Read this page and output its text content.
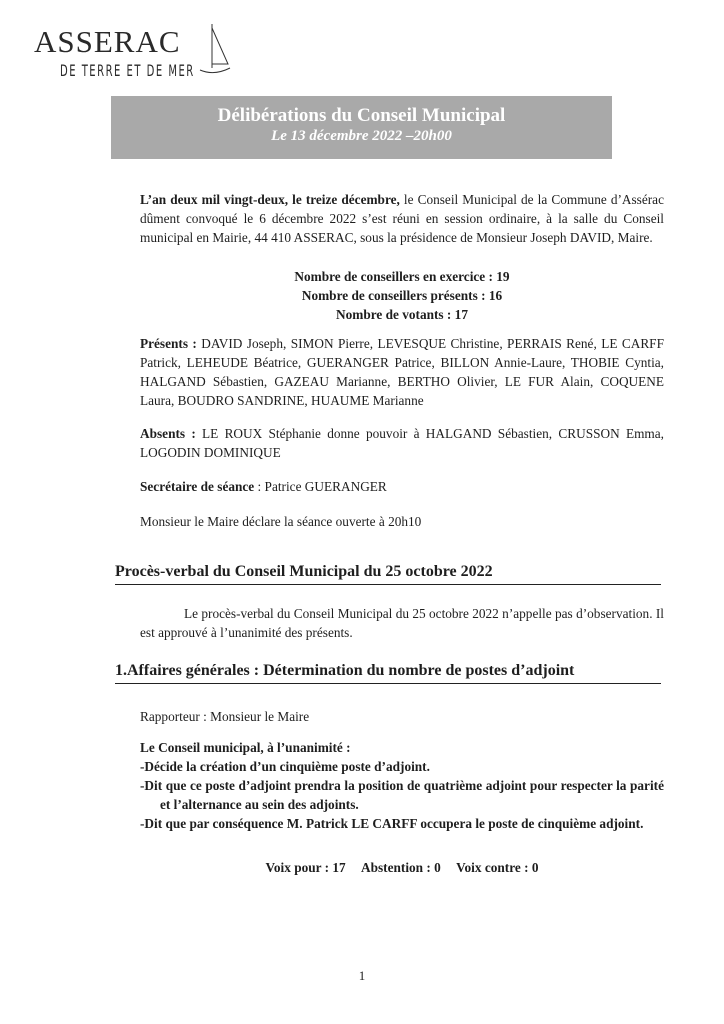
ASSERAC
DE TERRE ET DE MER
Délibérations du Conseil Municipal
Le 13 décembre 2022 –20h00
L’an deux mil vingt-deux, le treize décembre, le Conseil Municipal de la Commune d’Assérac dûment convoqué le 6 décembre 2022 s’est réuni en session ordinaire, à la salle du Conseil municipal en Mairie, 44 410 ASSERAC, sous la présidence de Monsieur Joseph DAVID, Maire.
Nombre de conseillers en exercice : 19
Nombre de conseillers présents : 16
Nombre de votants : 17
Présents : DAVID Joseph, SIMON Pierre, LEVESQUE Christine, PERRAIS René, LE CARFF Patrick, LEHEUDE Béatrice, GUERANGER Patrice, BILLON Annie-Laure, THOBIE Cyntia, HALGAND Sébastien, GAZEAU Marianne, BERTHO Olivier, LE FUR Alain, COQUENE Laura, BOUDRO SANDRINE, HUAUME Marianne
Absents : LE ROUX Stéphanie donne pouvoir à HALGAND Sébastien, CRUSSON Emma, LOGODIN DOMINIQUE
Secrétaire de séance : Patrice GUERANGER
Monsieur le Maire déclare la séance ouverte à 20h10
Procès-verbal du Conseil Municipal du 25 octobre 2022
Le procès-verbal du Conseil Municipal du 25 octobre 2022 n’appelle pas d’observation. Il est approuvé à l’unanimité des présents.
1.Affaires générales : Détermination du nombre de postes d’adjoint
Rapporteur : Monsieur le Maire
Le Conseil municipal, à l’unanimité :
-Décide la création d’un cinquième poste d’adjoint.
-Dit que ce poste d’adjoint prendra la position de quatrième adjoint pour respecter la parité et l’alternance au sein des adjoints.
-Dit que par conséquence M. Patrick LE CARFF occupera le poste de cinquième adjoint.
Voix pour : 17 Abstention : 0 Voix contre : 0
1
